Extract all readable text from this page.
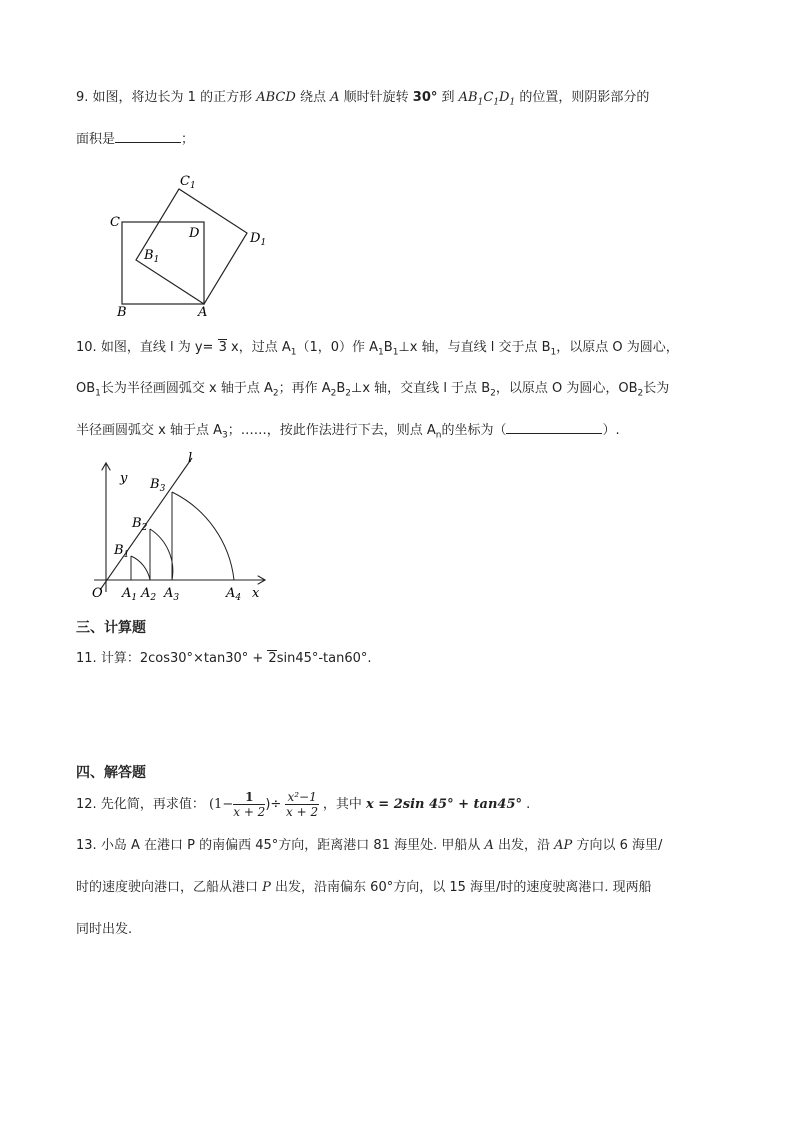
9. 如图，将边长为 1 的正方形 ABCD 绕点 A 顺时针旋转 30° 到 $AB_1C_1D_1$ 的位置，则阴影部分的
面积是	；
$C_1$
C
D	$D_1$
$B_1$
B	A
10. 如图，直线 l 为 y= 3 x，过点 $A_1(1$，0）作 $A_1B_1\perp x$ 轴，与直线 l 交于点 $B_1$，以原点 O 为圆心，
$OB_1$长为半径画圆弧交 x 轴于点 $A_2$；再作 $A_2B_2\perp x$ 轴，交直线 l 于点 $B_2$，以原点 O 为圆心，$OB_2$长为
半径画圆弧交 x 轴于点 $A_3$；……，按此作法进行下去，则点 $A_n$的坐标为（	）.
y
l
$B_3$
$B_2$
$B_1$
O $A_1$ $A_2$ $A_3$	$A_4$ x
三、计算题
11. 计算：2cos30°×tan30° + 2sin45°-tan60°.
四、解答题
12. 先化简，再求值： ($1- \frac{1}{x + 2}$ )÷ $\frac{\text{x²−1}}{x + 2}$ ，其中 x = 2sin 45° + tan45° .
13. 小岛 A 在港口 P 的南偏西 45°方向，距离港口 81 海里处. 甲船从 A 出发，沿 AP 方向以 6 海里/
时的速度驶向港口，乙船从港口 P 出发，沿南偏东 60°方向，以 15 海里/时的速度驶离港口. 现两船
同时出发.
